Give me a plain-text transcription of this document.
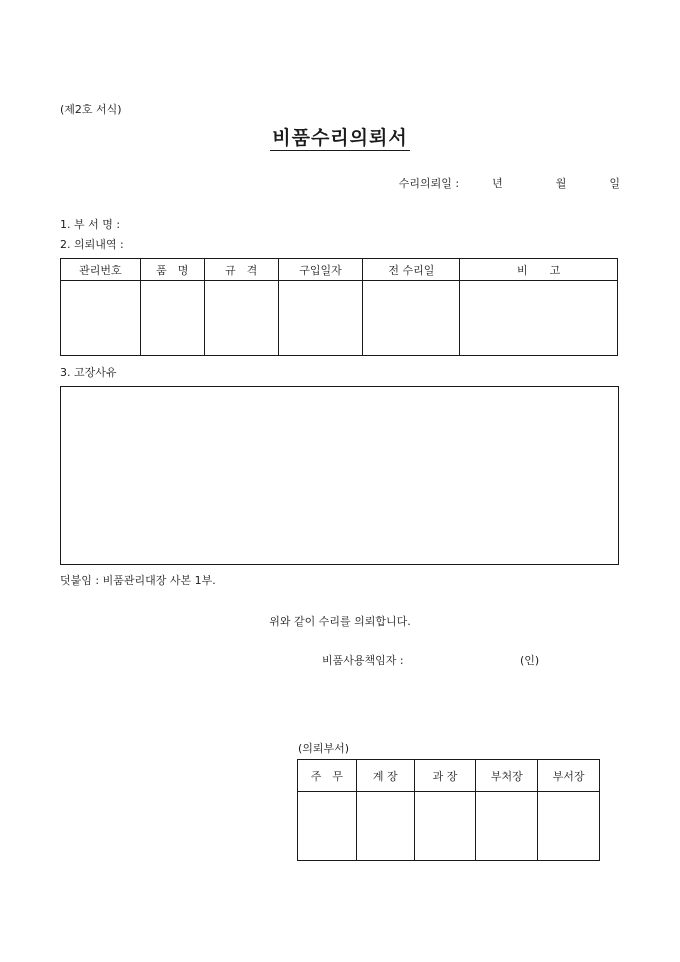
(제2호 서식)
비품수리의뢰서
수리의뢰일 :	년	월	일
1. 부 서 명 :
2. 의뢰내역 :
관리번호	품　명	규　격	구입일자	전 수리일	비　　고

3. 고장사유
덧붙임 : 비품관리대장 사본 1부.
위와 같이 수리를 의뢰합니다.
비품사용책임자 :	(인)
(의뢰부서)
주　무	계 장	과 장	부처장	부서장
